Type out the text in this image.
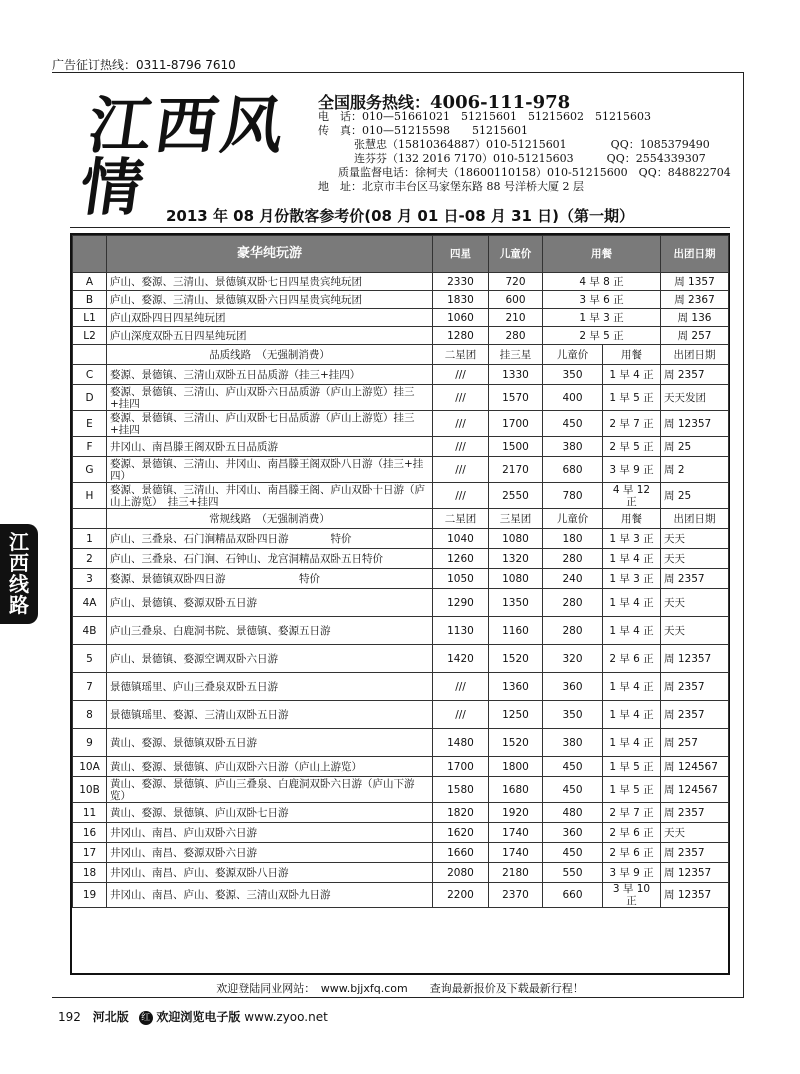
广告征订热线：0311-8796 7610
江西风情
全国服务热线：4006-111-978
电　话：010—51661021　51215601　51215602　51215603
传　真：010—51215598　　51215601
张慧忠（15810364887）010-51215601　　　　QQ：1085379490
连芬芬（132 2016 7170）010-51215603　　　QQ：2554339307
质量监督电话：徐柯夫（18600110158）010-51215600　QQ：848822704
地　址：北京市丰台区马家堡东路 88 号洋桥大厦 2 层
2013 年 08 月份散客参考价(08 月 01 日-08 月 31 日)（第一期）
	豪华纯玩游	四星	儿童价	用餐		出团日期
A	庐山、婺源、三清山、景德镇双卧七日四星贵宾纯玩团	2330	720	4 早 8 正		周 1357
B	庐山、婺源、三清山、景德镇双卧六日四星贵宾纯玩团	1830	600	3 早 6 正		周 2367
L1	庐山双卧四日四星纯玩团	1060	210	1 早 3 正		周 136
L2	庐山深度双卧五日四星纯玩团	1280	280	2 早 5 正		周 257
	品质线路　（无强制消费）	二星团	挂三星	儿童价	用餐	出团日期
C	婺源、景德镇、三清山双卧五日品质游（挂三+挂四）	///	1330	350	1 早 4 正	周 2357
D	婺源、景德镇、三清山、庐山双卧六日品质游（庐山上游览）挂三+挂四	///	1570	400	1 早 5 正	天天发团
E	婺源、景德镇、三清山、庐山双卧七日品质游（庐山上游览）挂三+挂四	///	1700	450	2 早 7 正	周 12357
F	井冈山、南昌滕王阁双卧五日品质游	///	1500	380	2 早 5 正	周 25
G	婺源、景德镇、三清山、井冈山、南昌滕王阁双卧八日游（挂三+挂四）	///	2170	680	3 早 9 正	周 2
H	婺源、景德镇、三清山、井冈山、南昌滕王阁、庐山双卧十日游（庐山上游览）　挂三+挂四	///	2550	780	4 早 12 正	周 25
	常规线路　（无强制消费）	二星团	三星团	儿童价	用餐	出团日期
1	庐山、三叠泉、石门涧精品双卧四日游　　　　特价	1040	1080	180	1 早 3 正	天天
2	庐山、三叠泉、石门涧、石钟山、龙宫洞精品双卧五日特价	1260	1320	280	1 早 4 正	天天
3	婺源、景德镇双卧四日游　　　　　　　特价	1050	1080	240	1 早 3 正	周 2357
4A	庐山、景德镇、婺源双卧五日游	1290	1350	280	1 早 4 正	天天
4B	庐山三叠泉、白鹿洞书院、景德镇、婺源五日游	1130	1160	280	1 早 4 正	天天
5	庐山、景德镇、婺源空调双卧六日游	1420	1520	320	2 早 6 正	周 12357
7	景德镇瑶里、庐山三叠泉双卧五日游	///	1360	360	1 早 4 正	周 2357
8	景德镇瑶里、婺源、三清山双卧五日游	///	1250	350	1 早 4 正	周 2357
9	黄山、婺源、景德镇双卧五日游	1480	1520	380	1 早 4 正	周 257
10A	黄山、婺源、景德镇、庐山双卧六日游（庐山上游览）	1700	1800	450	1 早 5 正	周 124567
10B	黄山、婺源、景德镇、庐山三叠泉、白鹿洞双卧六日游（庐山下游览）	1580	1680	450	1 早 5 正	周 124567
11	黄山、婺源、景德镇、庐山双卧七日游	1820	1920	480	2 早 7 正	周 2357
16	井冈山、南昌、庐山双卧六日游	1620	1740	360	2 早 6 正	天天
17	井冈山、南昌、婺源双卧六日游	1660	1740	450	2 早 6 正	周 2357
18	井冈山、南昌、庐山、婺源双卧八日游	2080	2180	550	3 早 9 正	周 12357
19	井冈山、南昌、庐山、婺源、三清山双卧九日游	2200	2370	660	3 早 10 正	周 12357
江西线路
欢迎登陆同业网站：　www.bjjxfq.com　　查询最新报价及下载最新行程！
192 河北版 红 欢迎浏览电子版 www.zyoo.net
